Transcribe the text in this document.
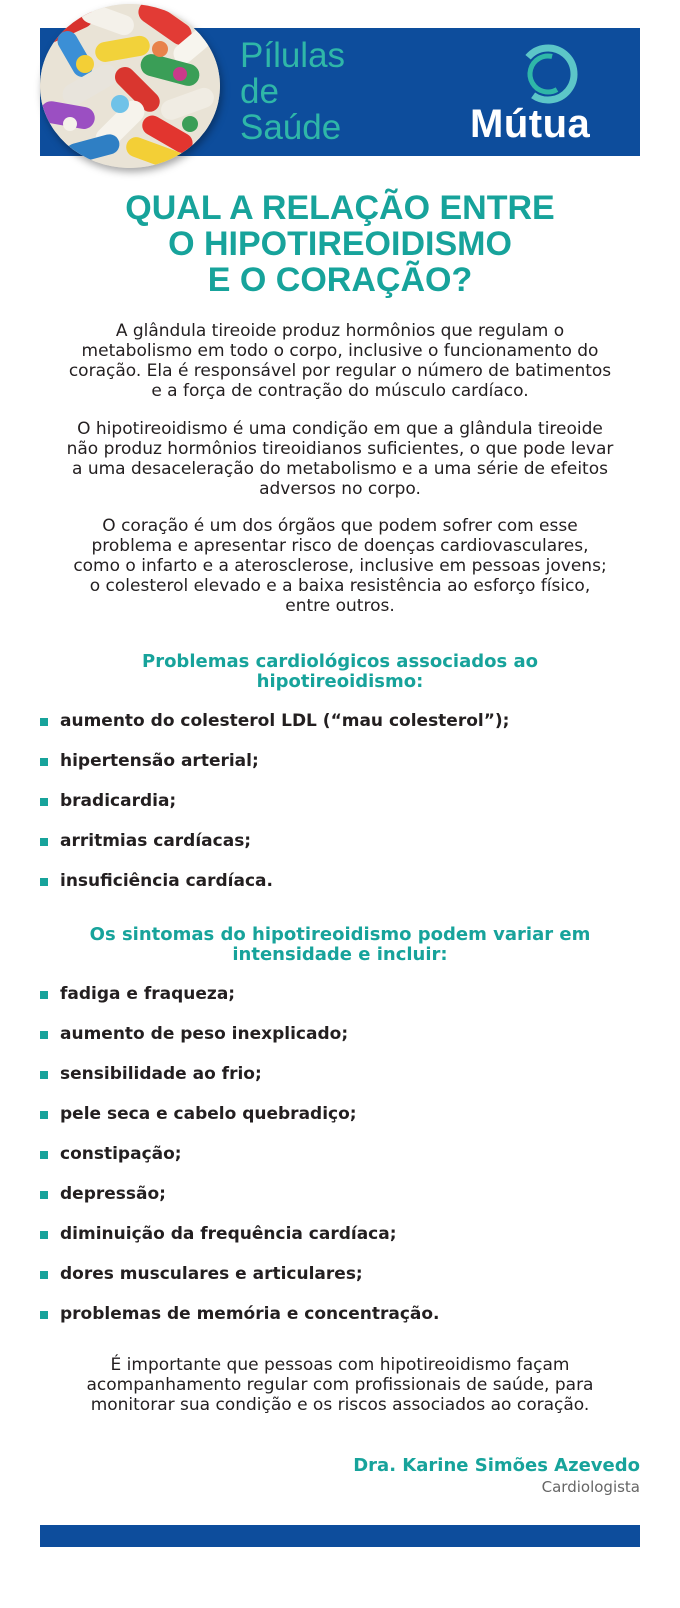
Pílulas
de
Saúde	Mútua
QUAL A RELAÇÃO ENTRE
O HIPOTIREOIDISMO
E O CORAÇÃO?

A glândula tireoide produz hormônios que regulam o
metabolismo em todo o corpo, inclusive o funcionamento do
coração. Ela é responsável por regular o número de batimentos
e a força de contração do músculo cardíaco.

O hipotireoidismo é uma condição em que a glândula tireoide
não produz hormônios tireoidianos suficientes, o que pode levar
a uma desaceleração do metabolismo e a uma série de efeitos
adversos no corpo.

O coração é um dos órgãos que podem sofrer com esse
problema e apresentar risco de doenças cardiovasculares,
como o infarto e a aterosclerose, inclusive em pessoas jovens;
o colesterol elevado e a baixa resistência ao esforço físico,
entre outros.

Problemas cardiológicos associados ao
hipotireoidismo:
aumento do colesterol LDL (“mau colesterol”);
hipertensão arterial;
bradicardia;
arritmias cardíacas;
insuficiência cardíaca.
Os sintomas do hipotireoidismo podem variar em
intensidade e incluir:
fadiga e fraqueza;
aumento de peso inexplicado;
sensibilidade ao frio;
pele seca e cabelo quebradiço;
constipação;
depressão;
diminuição da frequência cardíaca;
dores musculares e articulares;
problemas de memória e concentração.

É importante que pessoas com hipotireoidismo façam
acompanhamento regular com profissionais de saúde, para
monitorar sua condição e os riscos associados ao coração.

Dra. Karine Simões Azevedo

Cardiologista
